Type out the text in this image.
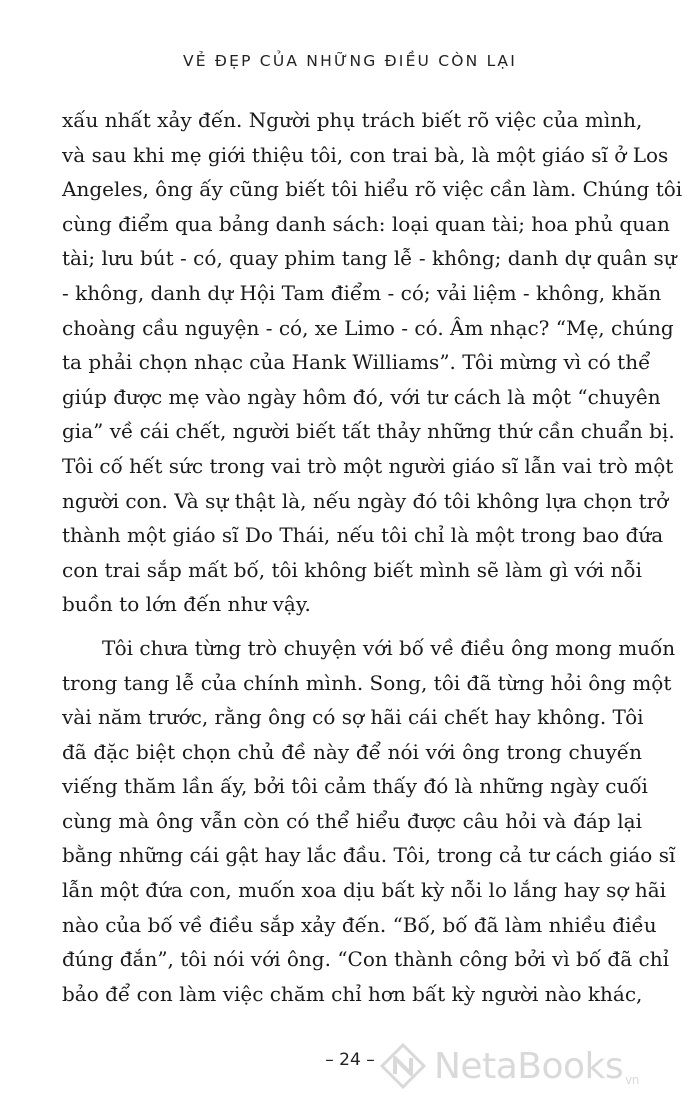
VẺ ĐẸP CỦA NHỮNG ĐIỀU CÒN LẠI

xấu nhất xảy đến. Người phụ trách biết rõ việc của mình,
và sau khi mẹ giới thiệu tôi, con trai bà, là một giáo sĩ ở Los
Angeles, ông ấy cũng biết tôi hiểu rõ việc cần làm. Chúng tôi
cùng điểm qua bảng danh sách: loại quan tài; hoa phủ quan
tài; lưu bút - có, quay phim tang lễ - không; danh dự quân sự
- không, danh dự Hội Tam điểm - có; vải liệm - không, khăn
choàng cầu nguyện - có, xe Limo - có. Âm nhạc? “Mẹ, chúng
ta phải chọn nhạc của Hank Williams”. Tôi mừng vì có thể
giúp được mẹ vào ngày hôm đó, với tư cách là một “chuyên
gia” về cái chết, người biết tất thảy những thứ cần chuẩn bị.
Tôi cố hết sức trong vai trò một người giáo sĩ lẫn vai trò một
người con. Và sự thật là, nếu ngày đó tôi không lựa chọn trở
thành một giáo sĩ Do Thái, nếu tôi chỉ là một trong bao đứa
con trai sắp mất bố, tôi không biết mình sẽ làm gì với nỗi
buồn to lớn đến như vậy.

Tôi chưa từng trò chuyện với bố về điều ông mong muốn
trong tang lễ của chính mình. Song, tôi đã từng hỏi ông một
vài năm trước, rằng ông có sợ hãi cái chết hay không. Tôi
đã đặc biệt chọn chủ đề này để nói với ông trong chuyến
viếng thăm lần ấy, bởi tôi cảm thấy đó là những ngày cuối
cùng mà ông vẫn còn có thể hiểu được câu hỏi và đáp lại
bằng những cái gật hay lắc đầu. Tôi, trong cả tư cách giáo sĩ
lẫn một đứa con, muốn xoa dịu bất kỳ nỗi lo lắng hay sợ hãi
nào của bố về điều sắp xảy đến. “Bố, bố đã làm nhiều điều
đúng đắn”, tôi nói với ông. “Con thành công bởi vì bố đã chỉ
bảo để con làm việc chăm chỉ hơn bất kỳ người nào khác,

– 24 –	NetaBooks vn
